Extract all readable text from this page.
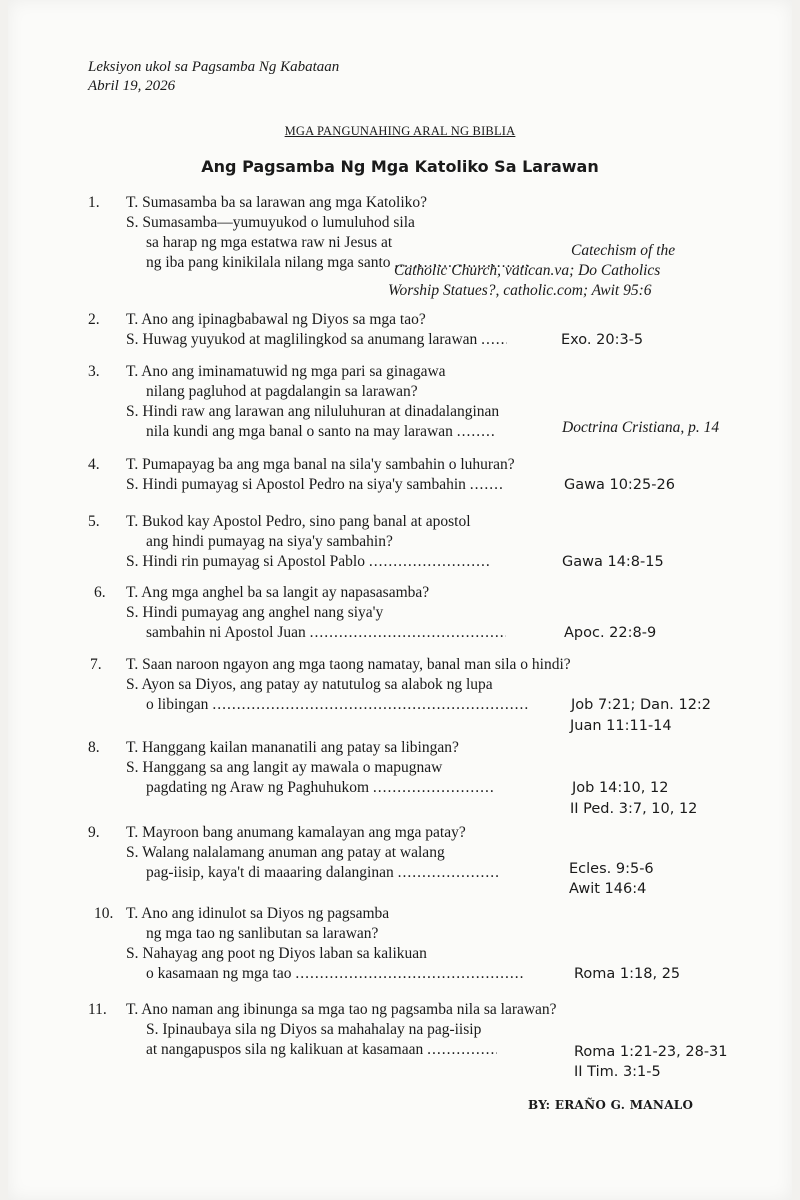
Leksiyon ukol sa Pagsamba Ng Kabataan
Abril 19, 2026
MGA PANGUNAHING ARAL NG BIBLIA
Ang Pagsamba Ng Mga Katoliko Sa Larawan
1.	T. Sumasamba ba sa larawan ang mga Katoliko?
S. Sumasamba—yumuyukod o lumuluhod sila
sa harap ng mga estatwa raw ni Jesus at
ng iba pang kinikilala nilang mga santo .....
Catechism of the
Catholic Church, vatican.va; Do Catholics
Worship Statues?, catholic.com; Awit 95:6
2.	T. Ano ang ipinagbabawal ng Diyos sa mga tao?
S. Huwag yuyukod at maglilingkod sa anumang larawan .....	Exo. 20:3-5
3.	T. Ano ang iminamatuwid ng mga pari sa ginagawa
nilang pagluhod at pagdalangin sa larawan?
S. Hindi raw ang larawan ang niluluhuran at dinadalanginan
nila kundi ang mga banal o santo na may larawan .....	Doctrina Cristiana, p. 14
4.	T. Pumapayag ba ang mga banal na sila'y sambahin o luhuran?
S. Hindi pumayag si Apostol Pedro na siya'y sambahin .....	Gawa 10:25-26
5.	T. Bukod kay Apostol Pedro, sino pang banal at apostol
ang hindi pumayag na siya'y sambahin?
S. Hindi rin pumayag si Apostol Pablo .....	Gawa 14:8-15
6.	T. Ang mga anghel ba sa langit ay napasasamba?
S. Hindi pumayag ang anghel nang siya'y
sambahin ni Apostol Juan .....	Apoc. 22:8-9
7.	T. Saan naroon ngayon ang mga taong namatay, banal man sila o hindi?
S. Ayon sa Diyos, ang patay ay natutulog sa alabok ng lupa
o libingan .....	Job 7:21; Dan. 12:2
Juan 11:11-14
8.	T. Hanggang kailan mananatili ang patay sa libingan?
S. Hanggang sa ang langit ay mawala o mapugnaw
pagdating ng Araw ng Paghuhukom .....	Job 14:10, 12
II Ped. 3:7, 10, 12
9.	T. Mayroon bang anumang kamalayan ang mga patay?
S. Walang nalalamang anuman ang patay at walang
pag-iisip, kaya't di maaaring dalanginan .....	Ecles. 9:5-6
Awit 146:4
10. T. Ano ang idinulot sa Diyos ng pagsamba
ng mga tao ng sanlibutan sa larawan?
S. Nahayag ang poot ng Diyos laban sa kalikuan
o kasamaan ng mga tao .....	Roma 1:18, 25
11.	T. Ano naman ang ibinunga sa mga tao ng pagsamba nila sa larawan?
S. Ipinaubaya sila ng Diyos sa mahahalay na pag-iisip
at nangapuspos sila ng kalikuan at kasamaan .....	Roma 1:21-23, 28-31
II Tim. 3:1-5
BY: ERAÑO G. MANALO
